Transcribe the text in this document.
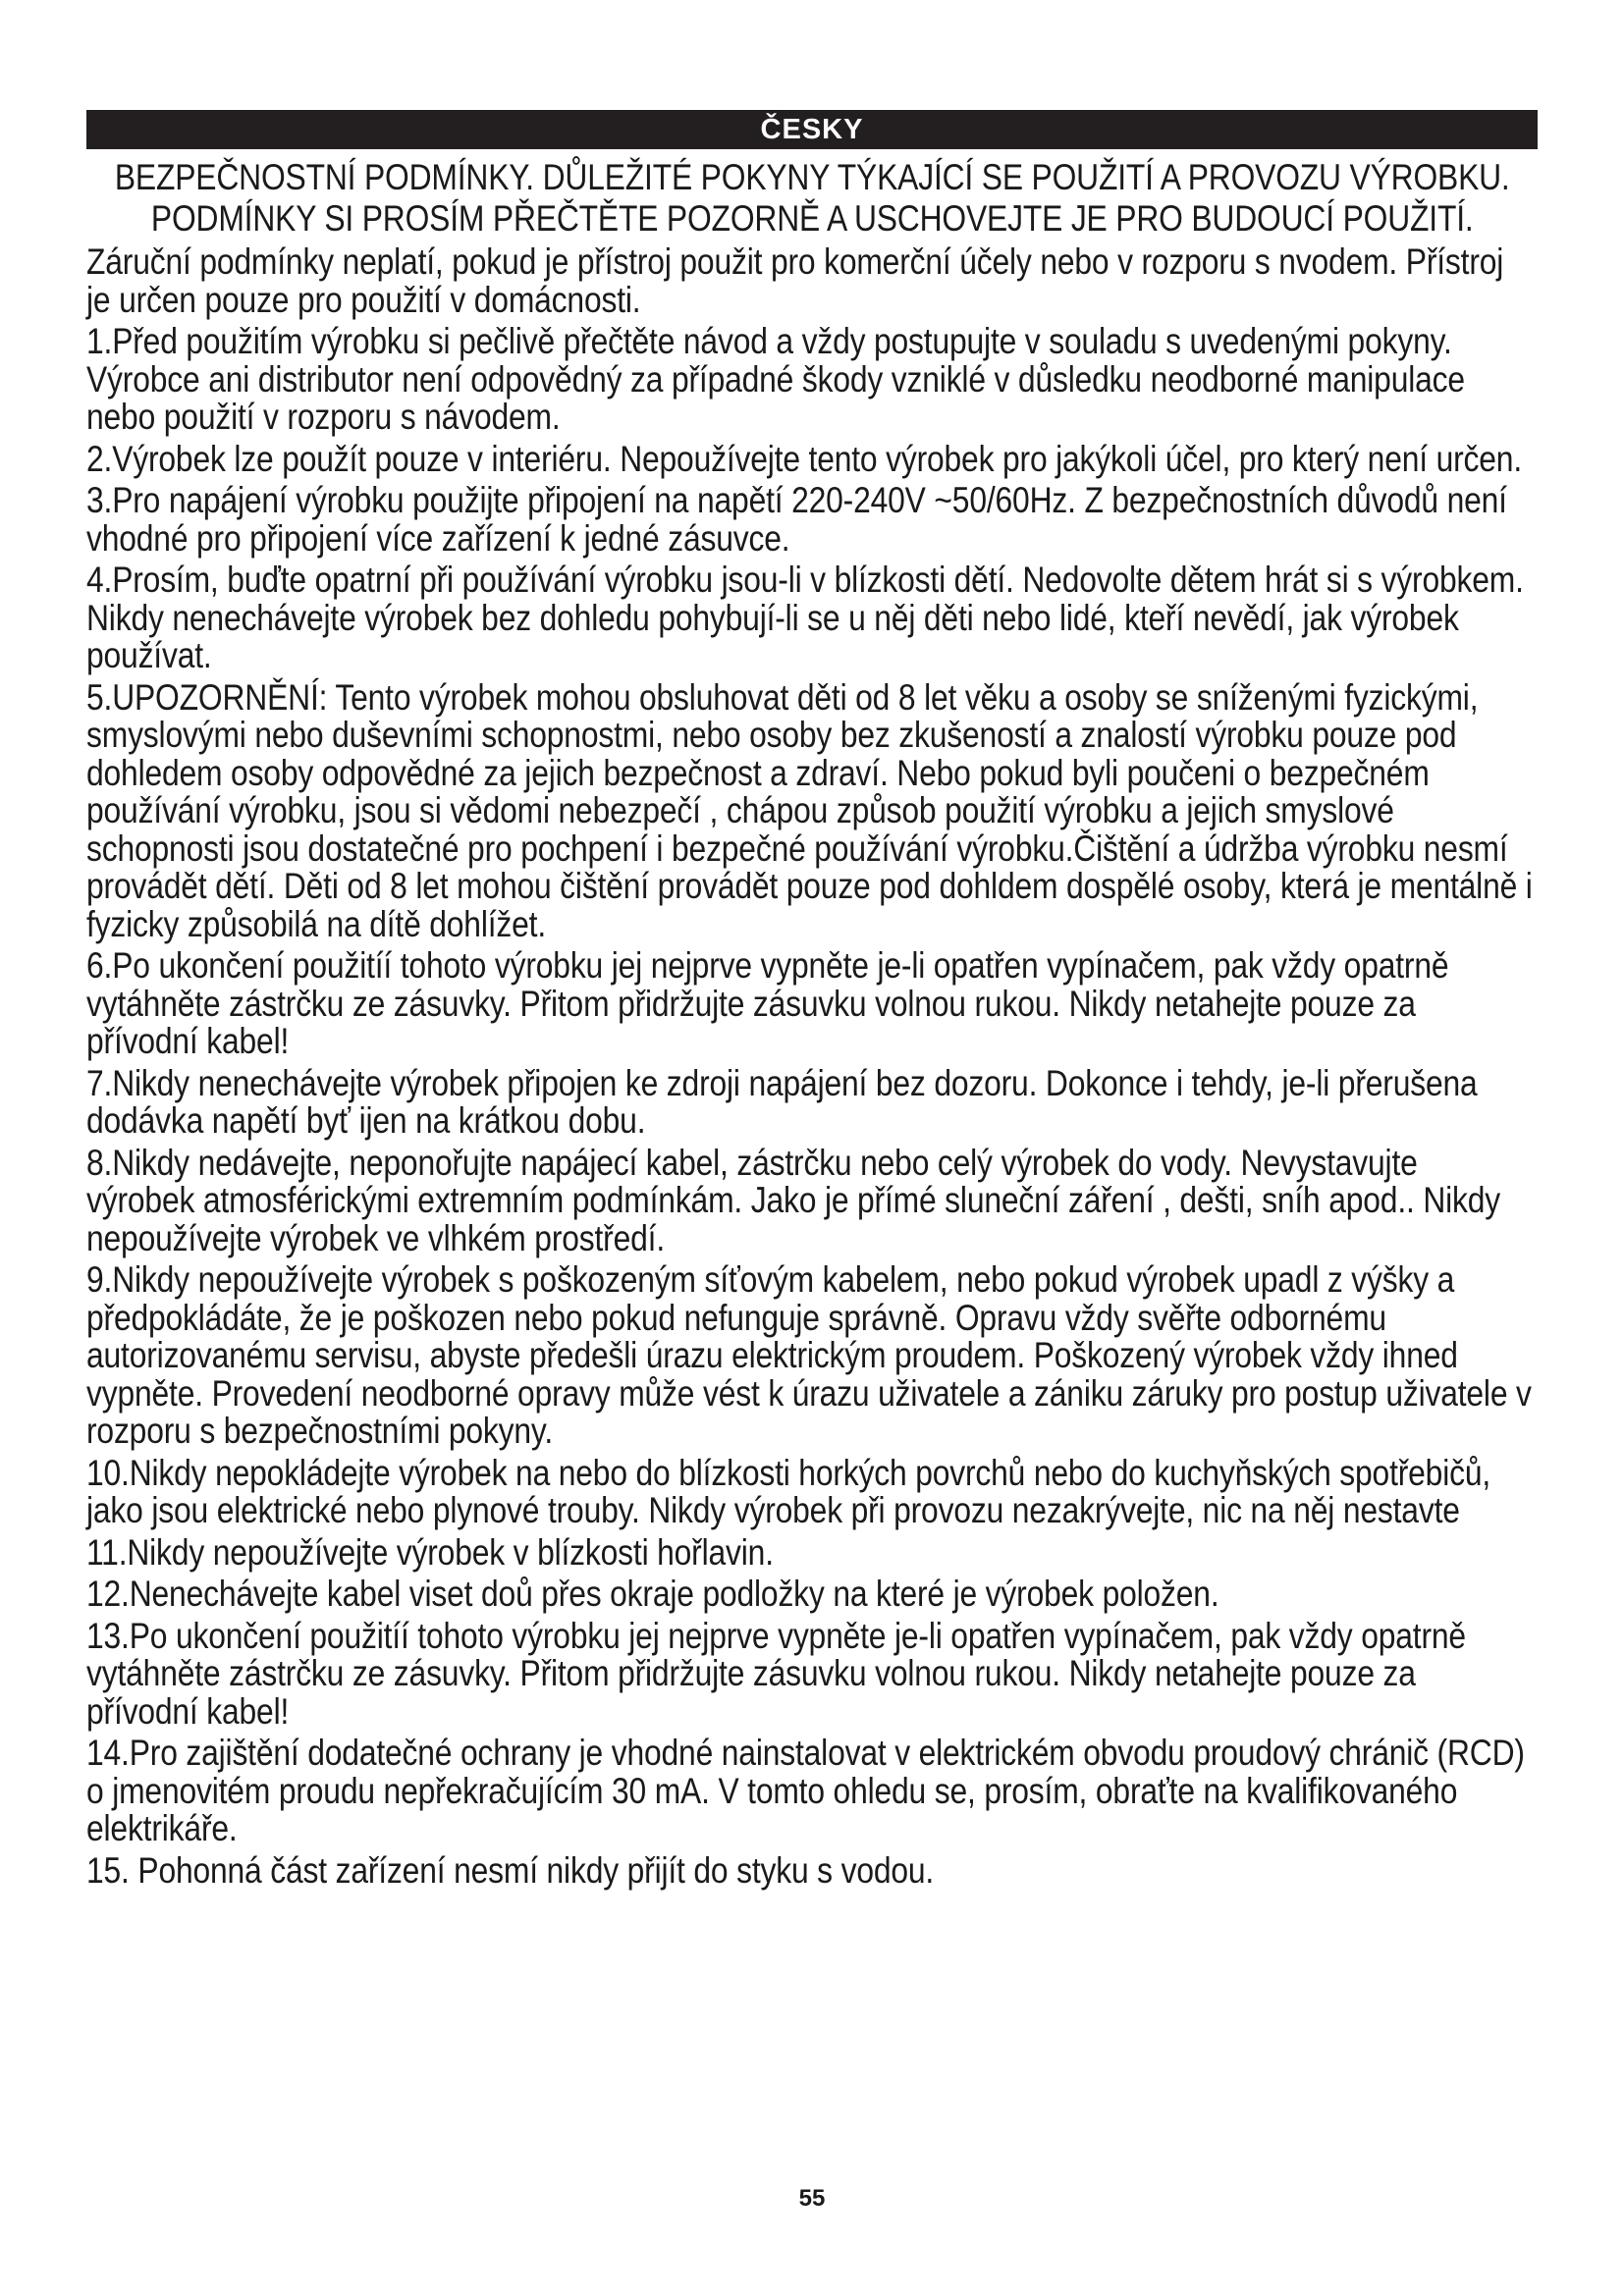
ČESKY
BEZPEČNOSTNÍ PODMÍNKY. DŮLEŽITÉ POKYNY TÝKAJÍCÍ SE POUŽITÍ A PROVOZU VÝROBKU. PODMÍNKY SI PROSÍM PŘEČTĚTE POZORNĚ A USCHOVEJTE JE PRO BUDOUCÍ POUŽITÍ.

Záruční podmínky neplatí, pokud je přístroj použit pro komerční účely nebo v rozporu s nvodem. Přístroj je určen pouze pro použití v domácnosti.

1.Před použitím výrobku si pečlivě přečtěte návod a vždy postupujte v souladu s uvedenými pokyny. Výrobce ani distributor není odpovědný za případné škody vzniklé v důsledku neodborné manipulace nebo použití v rozporu s návodem.

2.Výrobek lze použít pouze v interiéru. Nepoužívejte tento výrobek pro jakýkoli účel, pro který není určen.

3.Pro napájení výrobku použijte připojení na napětí 220-240V ~50/60Hz. Z bezpečnostních důvodů není vhodné pro připojení více zařízení k jedné zásuvce.

4.Prosím, buďte opatrní při používání výrobku jsou-li v blízkosti dětí. Nedovolte dětem hrát si s výrobkem. Nikdy nenechávejte výrobek bez dohledu pohybují-li se u něj děti nebo lidé, kteří nevědí, jak výrobek používat.

5.UPOZORNĚNÍ: Tento výrobek mohou obsluhovat děti od 8 let věku a osoby se sníženými fyzickými, smyslovými nebo duševními schopnostmi, nebo osoby bez zkušeností a znalostí výrobku pouze pod dohledem osoby odpovědné za jejich bezpečnost a zdraví. Nebo pokud byli poučeni o bezpečném používání výrobku, jsou si vědomi nebezpečí , chápou způsob použití výrobku a jejich smyslové schopnosti jsou dostatečné pro pochpení i bezpečné používání výrobku.Čištění a údržba výrobku nesmí provádět dětí. Děti od 8 let mohou čištění provádět pouze pod dohldem dospělé osoby, která je mentálně i fyzicky způsobilá na dítě dohlížet.

6.Po ukončení použitíí tohoto výrobku jej nejprve vypněte je-li opatřen vypínačem, pak vždy opatrně vytáhněte zástrčku ze zásuvky. Přitom přidržujte zásuvku volnou rukou. Nikdy netahejte pouze za přívodní kabel!

7.Nikdy nenechávejte výrobek připojen ke zdroji napájení bez dozoru. Dokonce i tehdy, je-li přerušena dodávka napětí byť ijen na krátkou dobu.

8.Nikdy nedávejte, neponořujte napájecí kabel, zástrčku nebo celý výrobek do vody. Nevystavujte výrobek atmosférickými extremním podmínkám. Jako je přímé sluneční záření , dešti, sníh apod.. Nikdy nepoužívejte výrobek ve vlhkém prostředí.

9.Nikdy nepoužívejte výrobek s poškozeným síťovým kabelem, nebo pokud výrobek upadl z výšky a předpokládáte, že je poškozen nebo pokud nefunguje správně. Opravu vždy svěřte odbornému autorizovanému servisu, abyste předešli úrazu elektrickým proudem. Poškozený výrobek vždy ihned vypněte. Provedení neodborné opravy může vést k úrazu uživatele a zániku záruky pro postup uživatele v rozporu s bezpečnostními pokyny.

10.Nikdy nepokládejte výrobek na nebo do blízkosti horkých povrchů nebo do kuchyňských spotřebičů, jako jsou elektrické nebo plynové trouby. Nikdy výrobek při provozu nezakrývejte, nic na něj nestavte

11.Nikdy nepoužívejte výrobek v blízkosti hořlavin.

12.Nenechávejte kabel viset doů přes okraje podložky na které je výrobek položen.

13.Po ukončení použitíí tohoto výrobku jej nejprve vypněte je-li opatřen vypínačem, pak vždy opatrně vytáhněte zástrčku ze zásuvky. Přitom přidržujte zásuvku volnou rukou. Nikdy netahejte pouze za přívodní kabel!

14.Pro zajištění dodatečné ochrany je vhodné nainstalovat v elektrickém obvodu proudový chránič (RCD) o jmenovitém proudu nepřekračujícím 30 mA. V tomto ohledu se, prosím, obraťte na kvalifikovaného elektrikáře.

15. Pohonná část zařízení nesmí nikdy přijít do styku s vodou.

55
